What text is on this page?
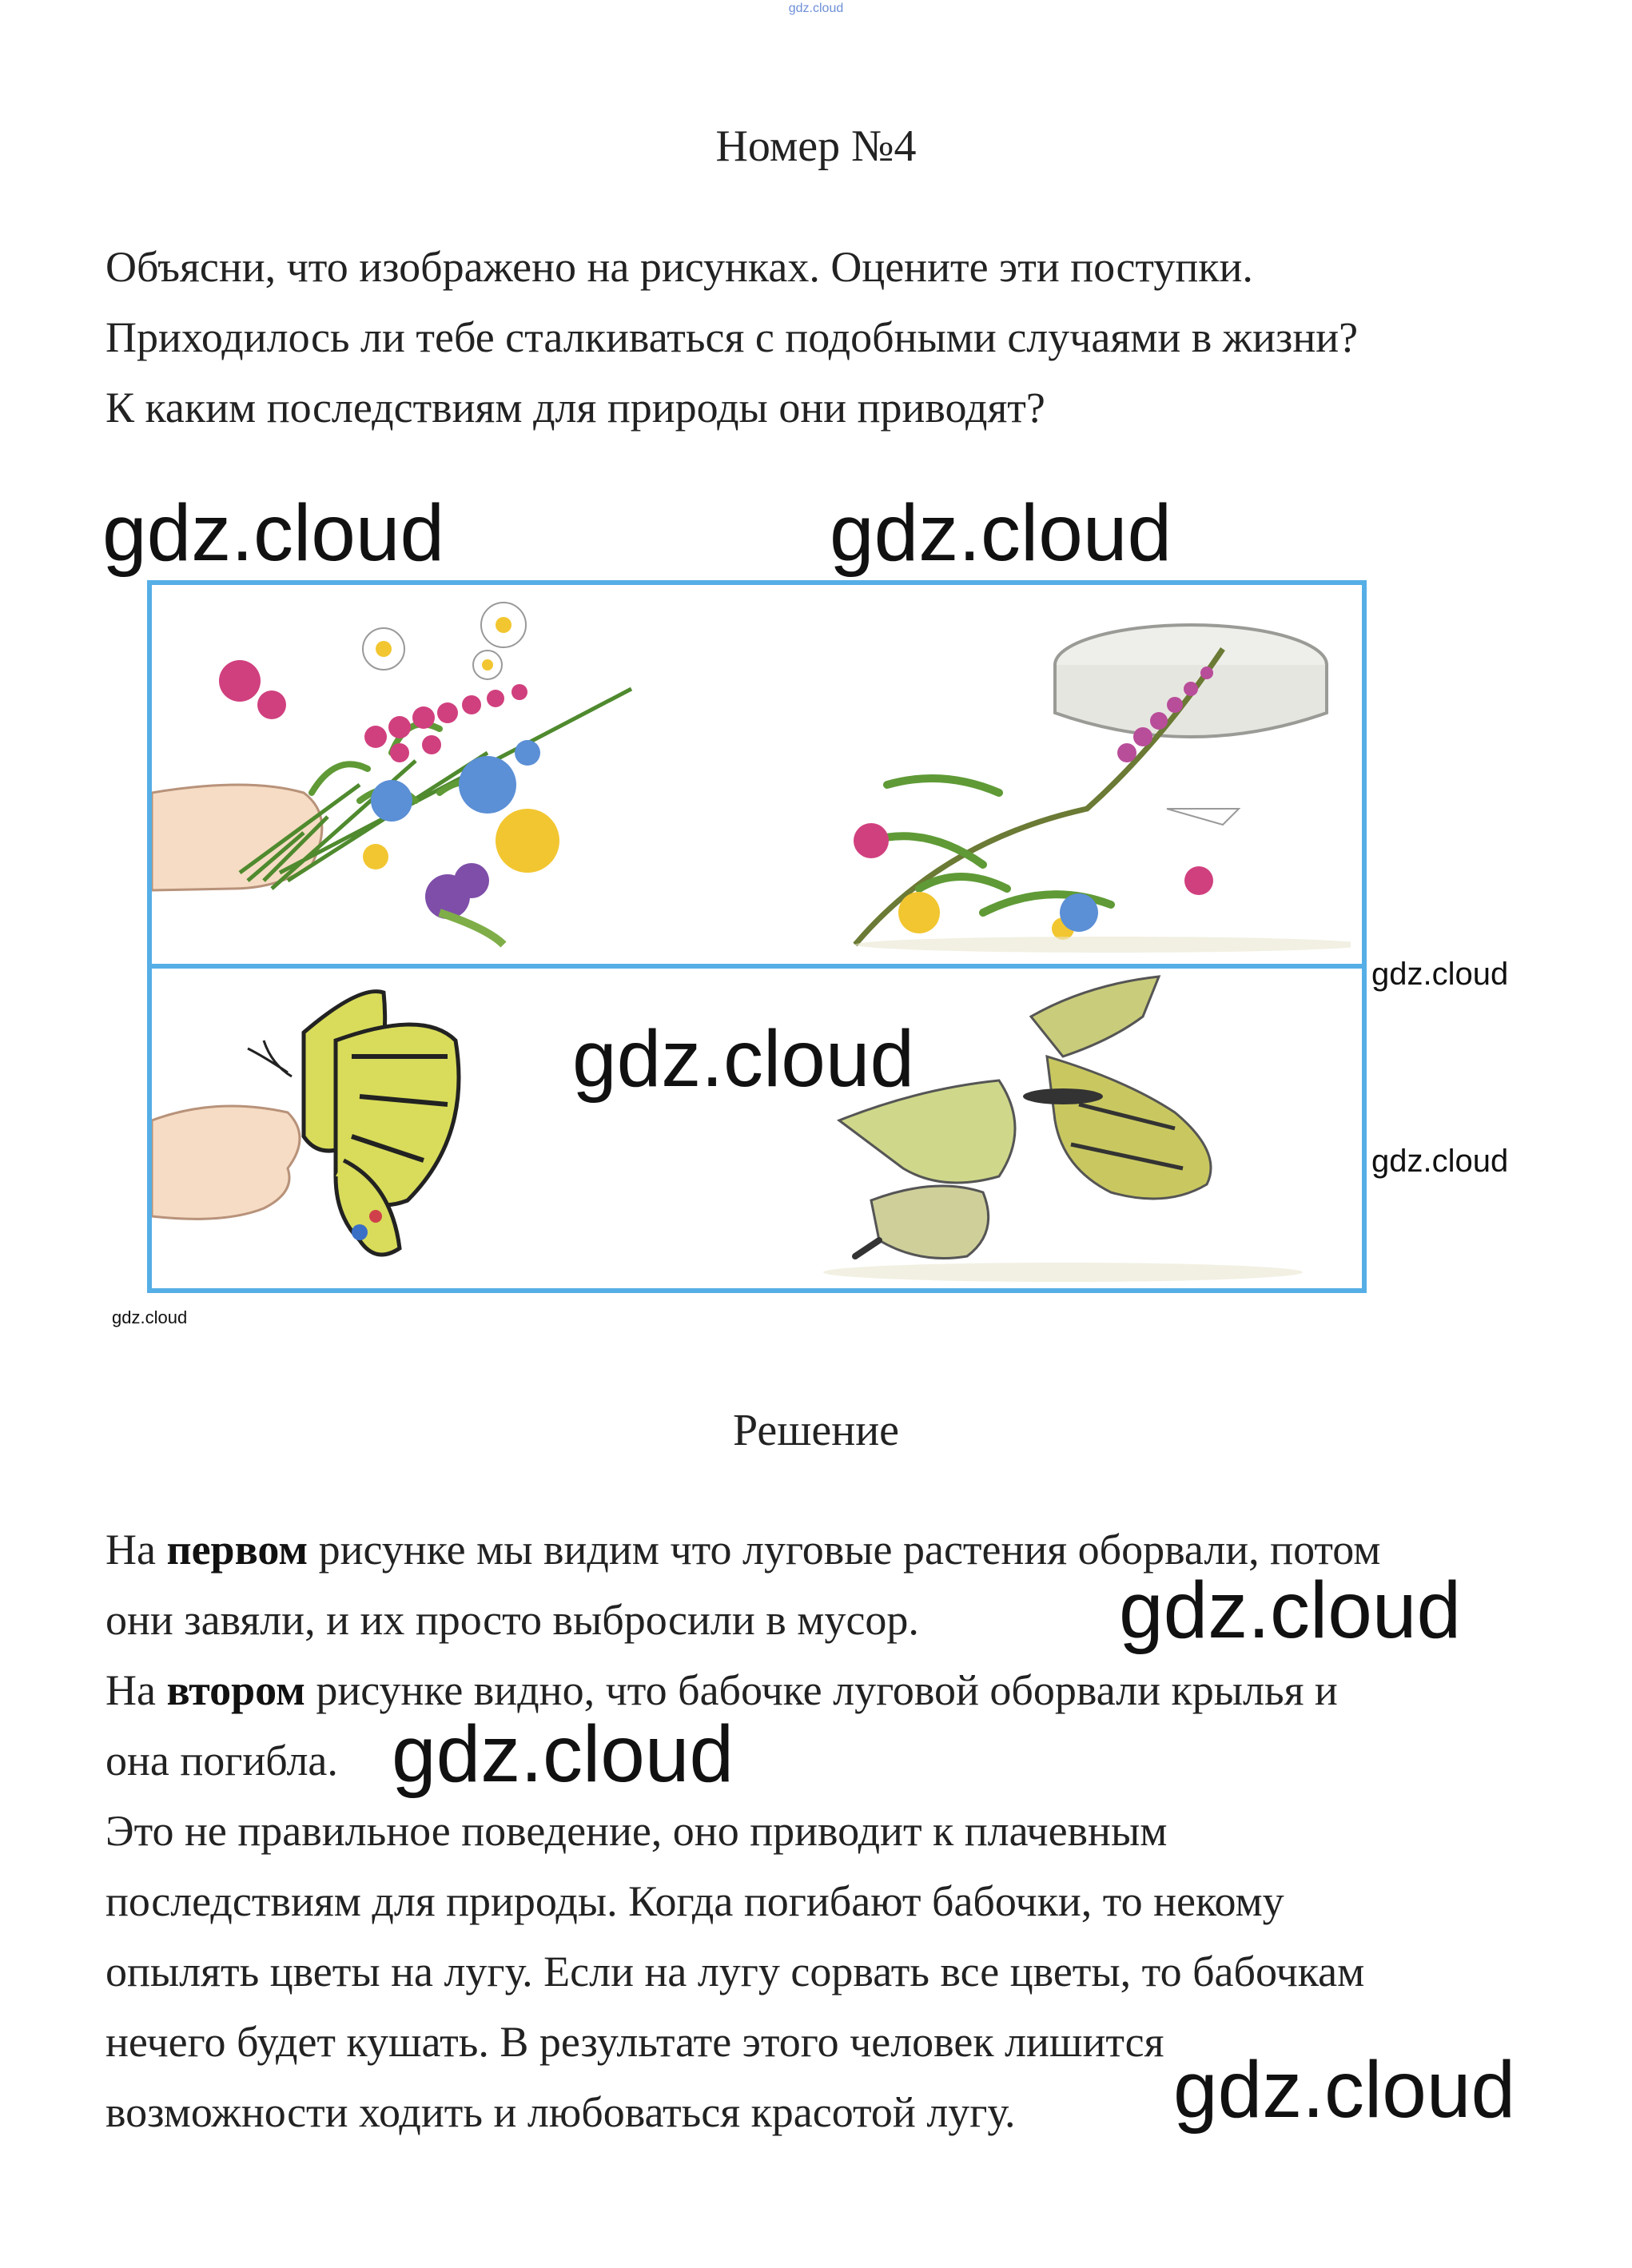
gdz.cloud
Номер №4
Объясни, что изображено на рисунках. Оцените эти поступки.
Приходилось ли тебе сталкиваться с подобными случаями в жизни?
К каким последствиям для природы они приводят?
gdz.cloud	gdz.cloud
gdz.cloud
gdz.cloud
gdz.cloud
gdz.cloud
Решение
На первом рисунке мы видим что луговые растения оборвали, потом
они завяли, и их просто выбросили в мусор.
На втором рисунке видно, что бабочке луговой оборвали крылья и
она погибла.
Это не правильное поведение, оно приводит к плачевным
последствиям для природы. Когда погибают бабочки, то некому
опылять цветы на лугу. Если на лугу сорвать все цветы, то бабочкам
нечего будет кушать. В результате этого человек лишится
возможности ходить и любоваться красотой лугу.
gdz.cloud
gdz.cloud
gdz.cloud
